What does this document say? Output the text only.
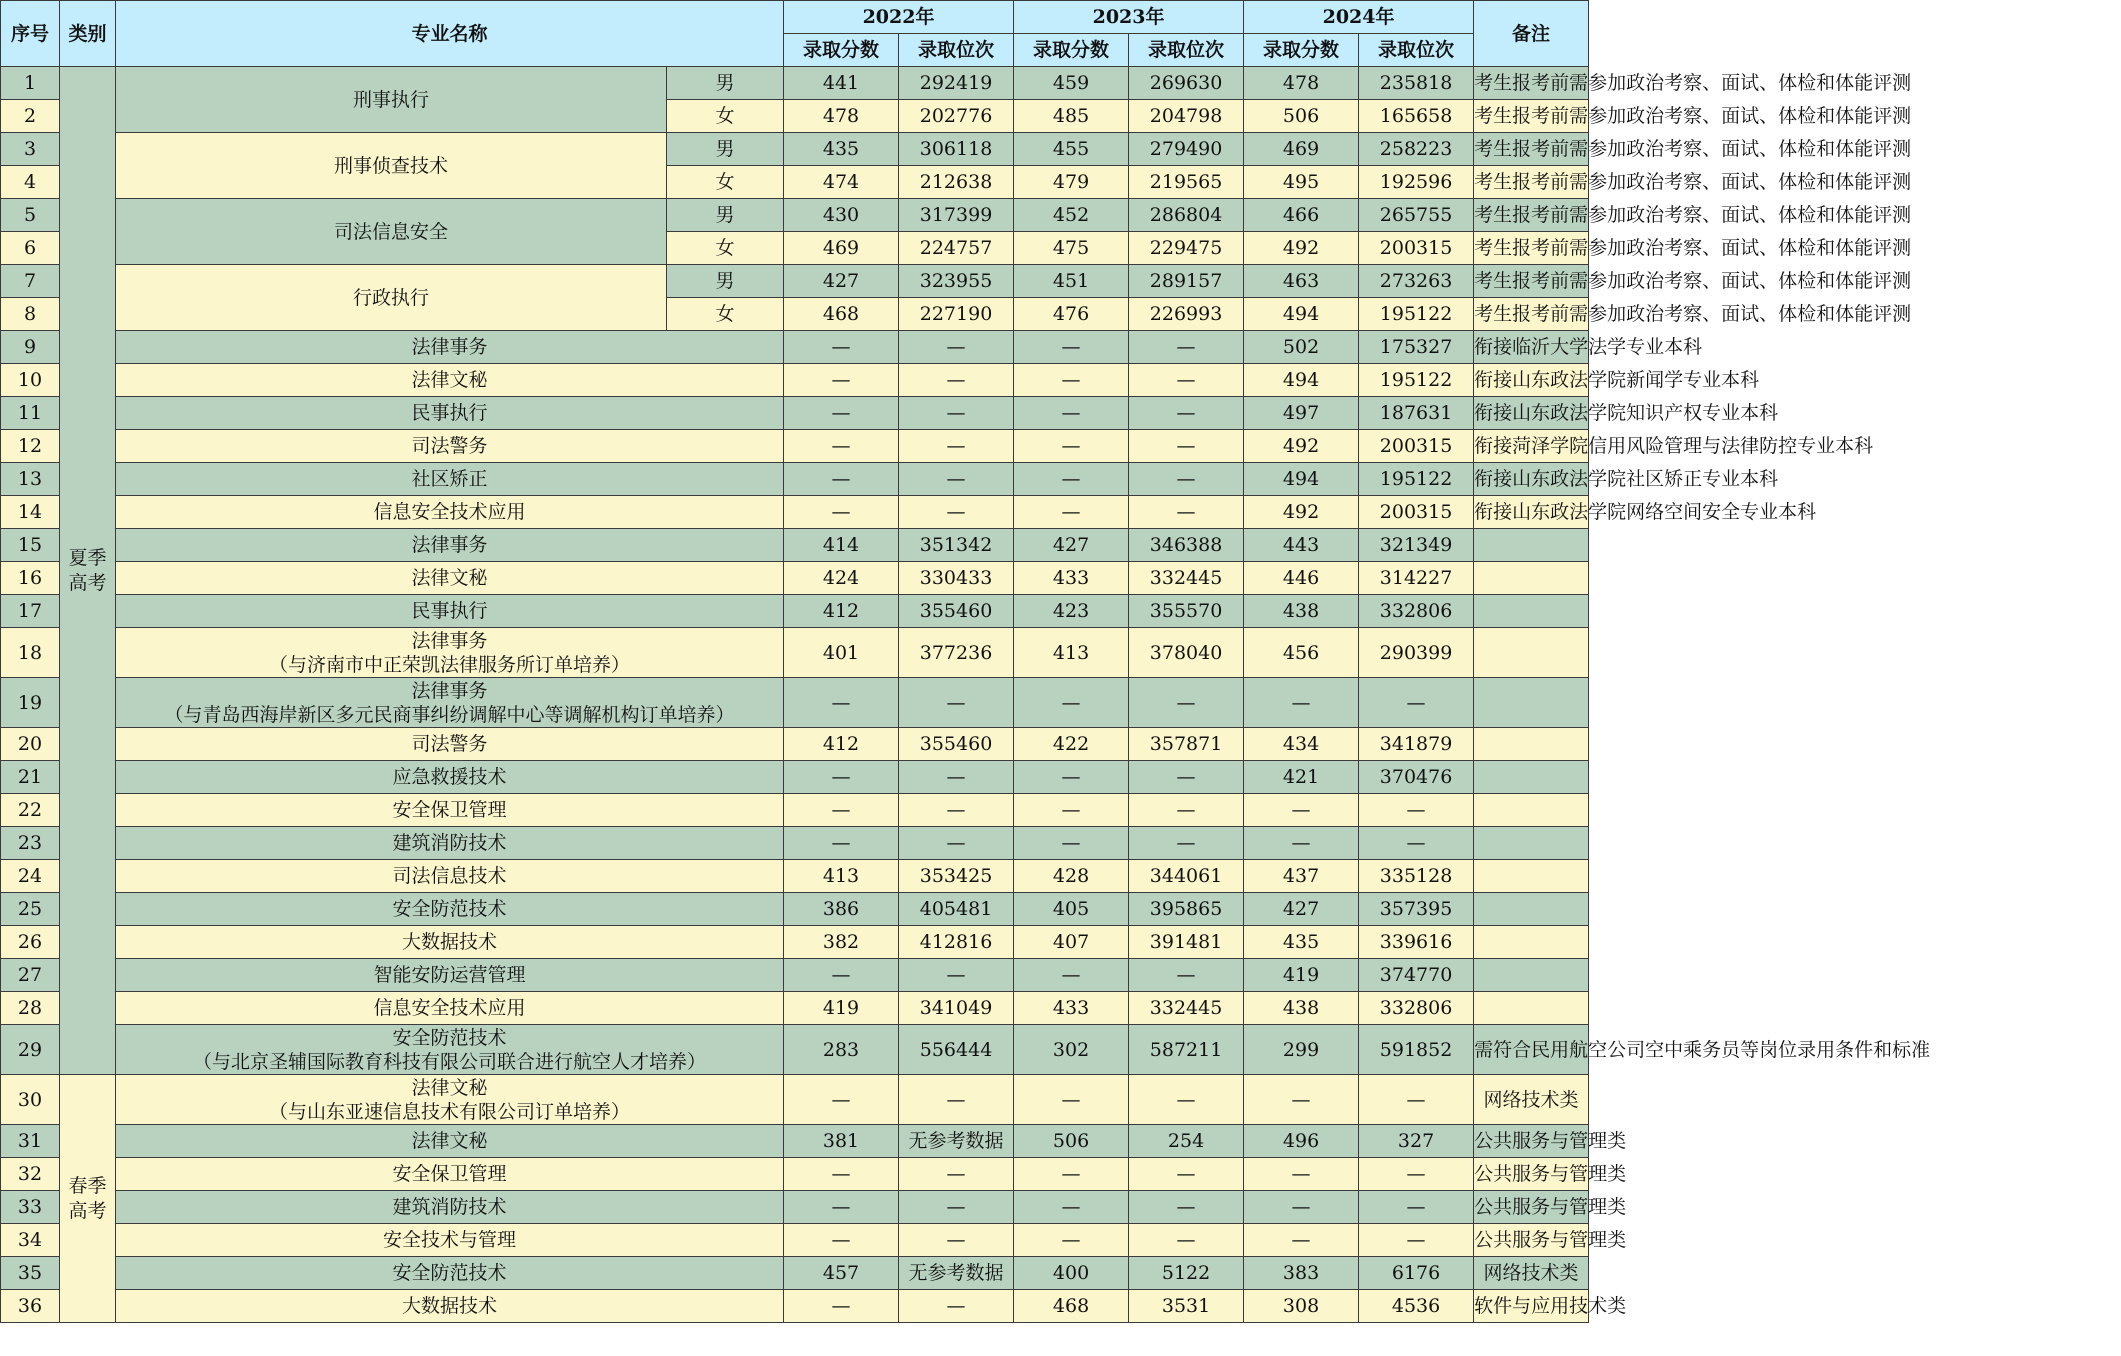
序号	类别	专业名称		2022年		2023年		2024年		备注
				录取分数	录取位次	录取分数	录取位次	录取分数	录取位次	
1	夏季高考	刑事执行	男	441	292419	459	269630	478	235818	考生报考前需参加政治考察、面试、体检和体能评测
2			女	478	202776	485	204798	506	165658	考生报考前需参加政治考察、面试、体检和体能评测
3		刑事侦查技术	男	435	306118	455	279490	469	258223	考生报考前需参加政治考察、面试、体检和体能评测
4			女	474	212638	479	219565	495	192596	考生报考前需参加政治考察、面试、体检和体能评测
5		司法信息安全	男	430	317399	452	286804	466	265755	考生报考前需参加政治考察、面试、体检和体能评测
6			女	469	224757	475	229475	492	200315	考生报考前需参加政治考察、面试、体检和体能评测
7		行政执行	男	427	323955	451	289157	463	273263	考生报考前需参加政治考察、面试、体检和体能评测
8			女	468	227190	476	226993	494	195122	考生报考前需参加政治考察、面试、体检和体能评测
9		法律事务		—	—	—	—	502	175327	衔接临沂大学法学专业本科
10		法律文秘		—	—	—	—	494	195122	衔接山东政法学院新闻学专业本科
11		民事执行		—	—	—	—	497	187631	衔接山东政法学院知识产权专业本科
12		司法警务		—	—	—	—	492	200315	衔接菏泽学院信用风险管理与法律防控专业本科
13		社区矫正		—	—	—	—	494	195122	衔接山东政法学院社区矫正专业本科
14		信息安全技术应用		—	—	—	—	492	200315	衔接山东政法学院网络空间安全专业本科
15		法律事务		414	351342	427	346388	443	321349	
16		法律文秘		424	330433	433	332445	446	314227	
17		民事执行		412	355460	423	355570	438	332806	
18		法律事务
（与济南市中正荣凯法律服务所订单培养）		401	377236	413	378040	456	290399	
19		法律事务
（与青岛西海岸新区多元民商事纠纷调解中心等调解机构订单培养）		—	—	—	—	—	—	
20		司法警务		412	355460	422	357871	434	341879	
21		应急救援技术		—	—	—	—	421	370476	
22		安全保卫管理		—	—	—	—	—	—	
23		建筑消防技术		—	—	—	—	—	—	
24		司法信息技术		413	353425	428	344061	437	335128	
25		安全防范技术		386	405481	405	395865	427	357395	
26		大数据技术		382	412816	407	391481	435	339616	
27		智能安防运营管理		—	—	—	—	419	374770	
28		信息安全技术应用		419	341049	433	332445	438	332806	
29		安全防范技术
（与北京圣辅国际教育科技有限公司联合进行航空人才培养）		283	556444	302	587211	299	591852	需符合民用航空公司空中乘务员等岗位录用条件和标准
30	春季高考	法律文秘
（与山东亚速信息技术有限公司订单培养）		—	—	—	—	—	—	网络技术类
31		法律文秘		381	无参考数据	506	254	496	327	公共服务与管理类
32		安全保卫管理		—	—	—	—	—	—	公共服务与管理类
33		建筑消防技术		—	—	—	—	—	—	公共服务与管理类
34		安全技术与管理		—	—	—	—	—	—	公共服务与管理类
35		安全防范技术		457	无参考数据	400	5122	383	6176	网络技术类
36		大数据技术		—	—	468	3531	308	4536	软件与应用技术类
